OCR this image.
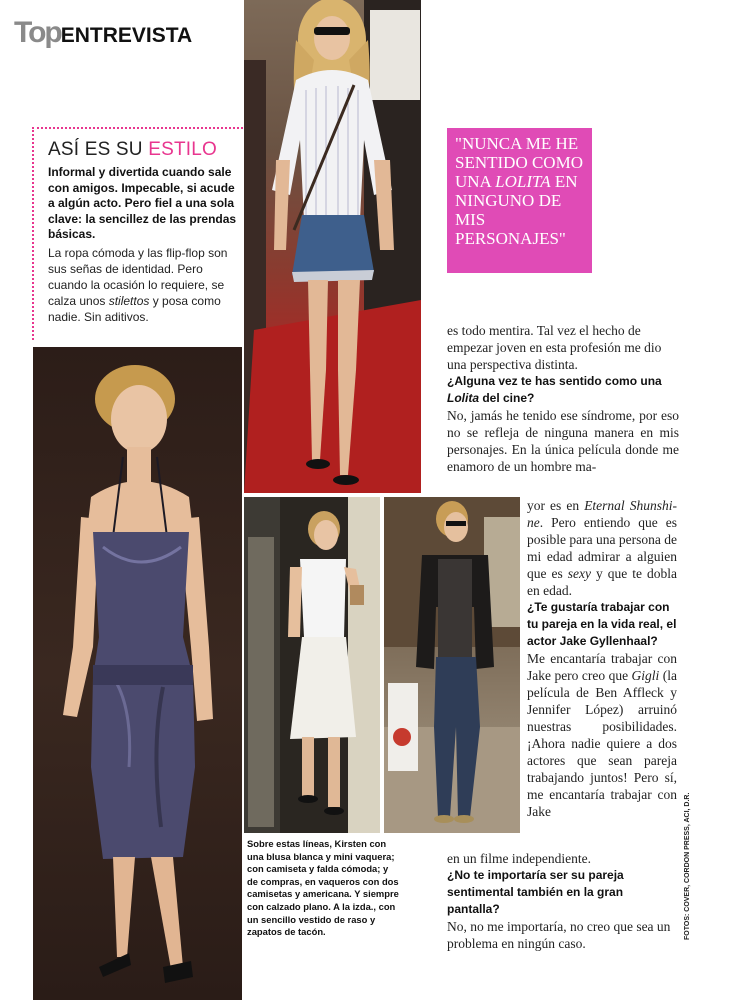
TopENTREVISTA
ASÍ ES SU ESTILO
Informal y divertida cuando sale con amigos. Impecable, si acude a algún acto. Pero fiel a una sola clave: la sencillez de las prendas básicas.
La ropa cómoda y las flip-flop son sus señas de identidad. Pero cuando la ocasión lo requiere, se calza unos stilettos y posa como nadie. Sin aditivos.
"NUNCA ME HE SENTIDO COMO UNA LOLITA EN NINGUNO DE MIS PERSONAJES"
Sobre estas líneas, Kirsten con una blusa blanca y mini vaquera; con camiseta y falda cómoda; y de compras, en vaqueros con dos camisetas y americana. Y siempre con calzado plano. A la izda., con un sencillo vestido de raso y zapatos de tacón.
es todo mentira. Tal vez el hecho de empezar joven en esta profesión me dio una perspectiva distinta.
¿Alguna vez te has sentido como una Lolita del cine?
No, jamás he tenido ese síndrome, por eso no se refleja de ninguna manera en mis personajes. En la única película donde me enamoro de un hombre ma-
yor es en Eternal Shunshi-ne. Pero entiendo que es posible para una persona de mi edad admirar a alguien que es sexy y que te dobla en edad.
¿Te gustaría trabajar con tu pareja en la vida real, el actor Jake Gyllenhaal?
Me encantaría trabajar con Jake pero creo que Gigli (la película de Ben Affleck y Jennifer López) arruinó nuestras posibilidades. ¡Ahora nadie quiere a dos actores que sean pareja trabajando juntos! Pero sí, me encantaría trabajar con Jake
en un filme independiente.
¿No te importaría ser su pareja sentimental también en la gran pantalla?
No, no me importaría, no creo que sea un problema en ningún caso.
FOTOS: COVER, CORDON PRESS, ACI, D.R.
